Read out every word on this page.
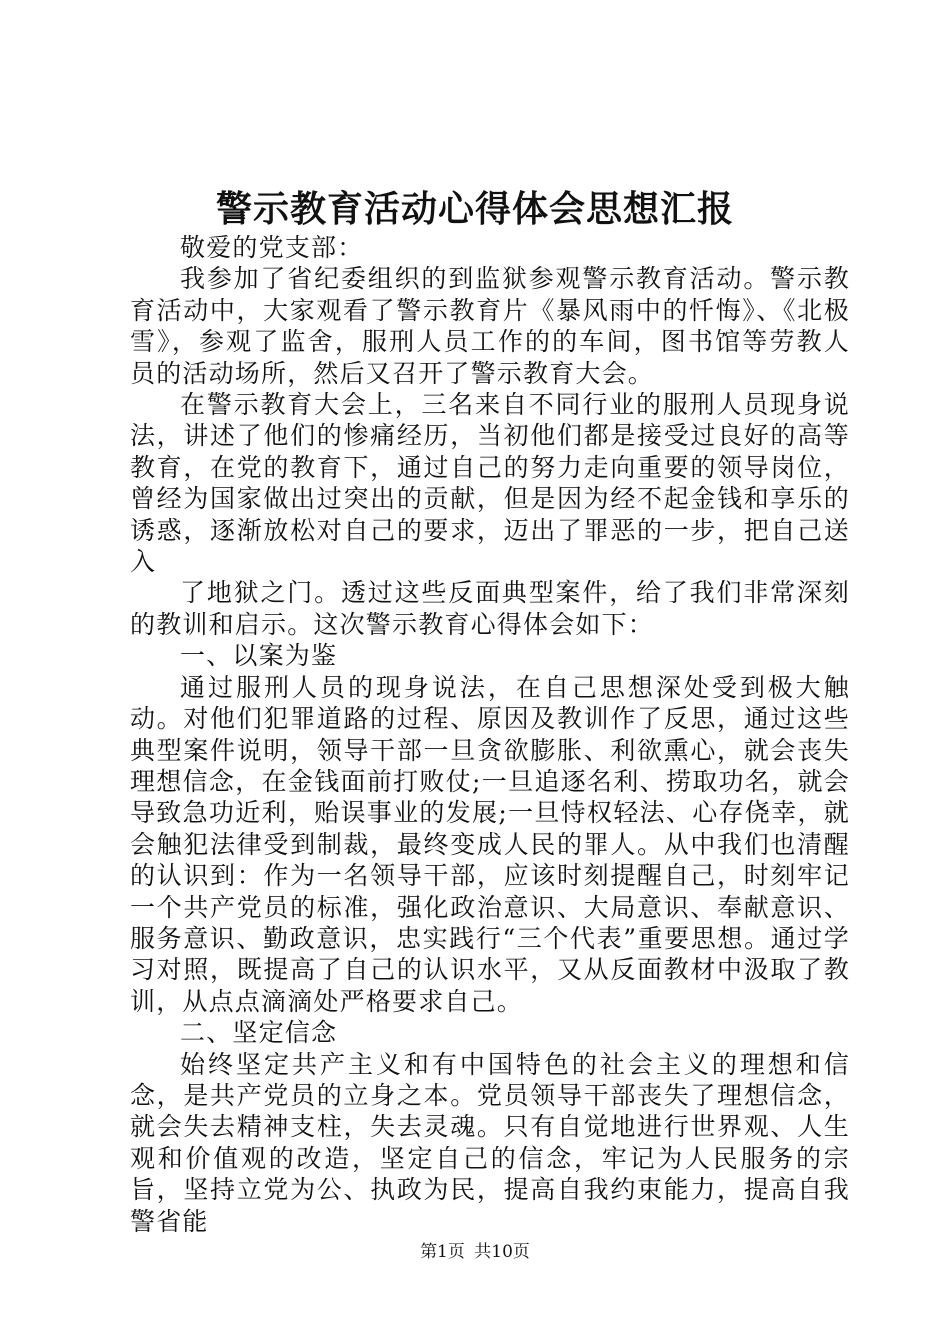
警示教育活动心得体会思想汇报

敬爱的党支部：

我参加了省纪委组织的到监狱参观警示教育活动。警示教育活动中，大家观看了警示教育片《暴风雨中的忏悔》、《北极雪》，参观了监舍，服刑人员工作的的车间，图书馆等劳教人员的活动场所，然后又召开了警示教育大会。

在警示教育大会上，三名来自不同行业的服刑人员现身说法，讲述了他们的惨痛经历，当初他们都是接受过良好的高等教育，在党的教育下，通过自己的努力走向重要的领导岗位，曾经为国家做出过突出的贡献，但是因为经不起金钱和享乐的诱惑，逐渐放松对自己的要求，迈出了罪恶的一步，把自己送入

了地狱之门。透过这些反面典型案件，给了我们非常深刻的教训和启示。这次警示教育心得体会如下：

一、以案为鉴

通过服刑人员的现身说法，在自己思想深处受到极大触动。对他们犯罪道路的过程、原因及教训作了反思，通过这些典型案件说明，领导干部一旦贪欲膨胀、利欲熏心，就会丧失理想信念，在金钱面前打败仗;一旦追逐名利、捞取功名，就会导致急功近利，贻误事业的发展;一旦恃权轻法、心存侥幸，就会触犯法律受到制裁，最终变成人民的罪人。从中我们也清醒的认识到：作为一名领导干部，应该时刻提醒自己，时刻牢记一个共产党员的标准，强化政治意识、大局意识、奉献意识、服务意识、勤政意识，忠实践行“三个代表”重要思想。通过学习对照，既提高了自己的认识水平，又从反面教材中汲取了教训，从点点滴滴处严格要求自己。

二、坚定信念

始终坚定共产主义和有中国特色的社会主义的理想和信念，是共产党员的立身之本。党员领导干部丧失了理想信念，就会失去精神支柱，失去灵魂。只有自觉地进行世界观、人生观和价值观的改造，坚定自己的信念，牢记为人民服务的宗旨，坚持立党为公、执政为民，提高自我约束能力，提高自我警省能

第1页 共10页
